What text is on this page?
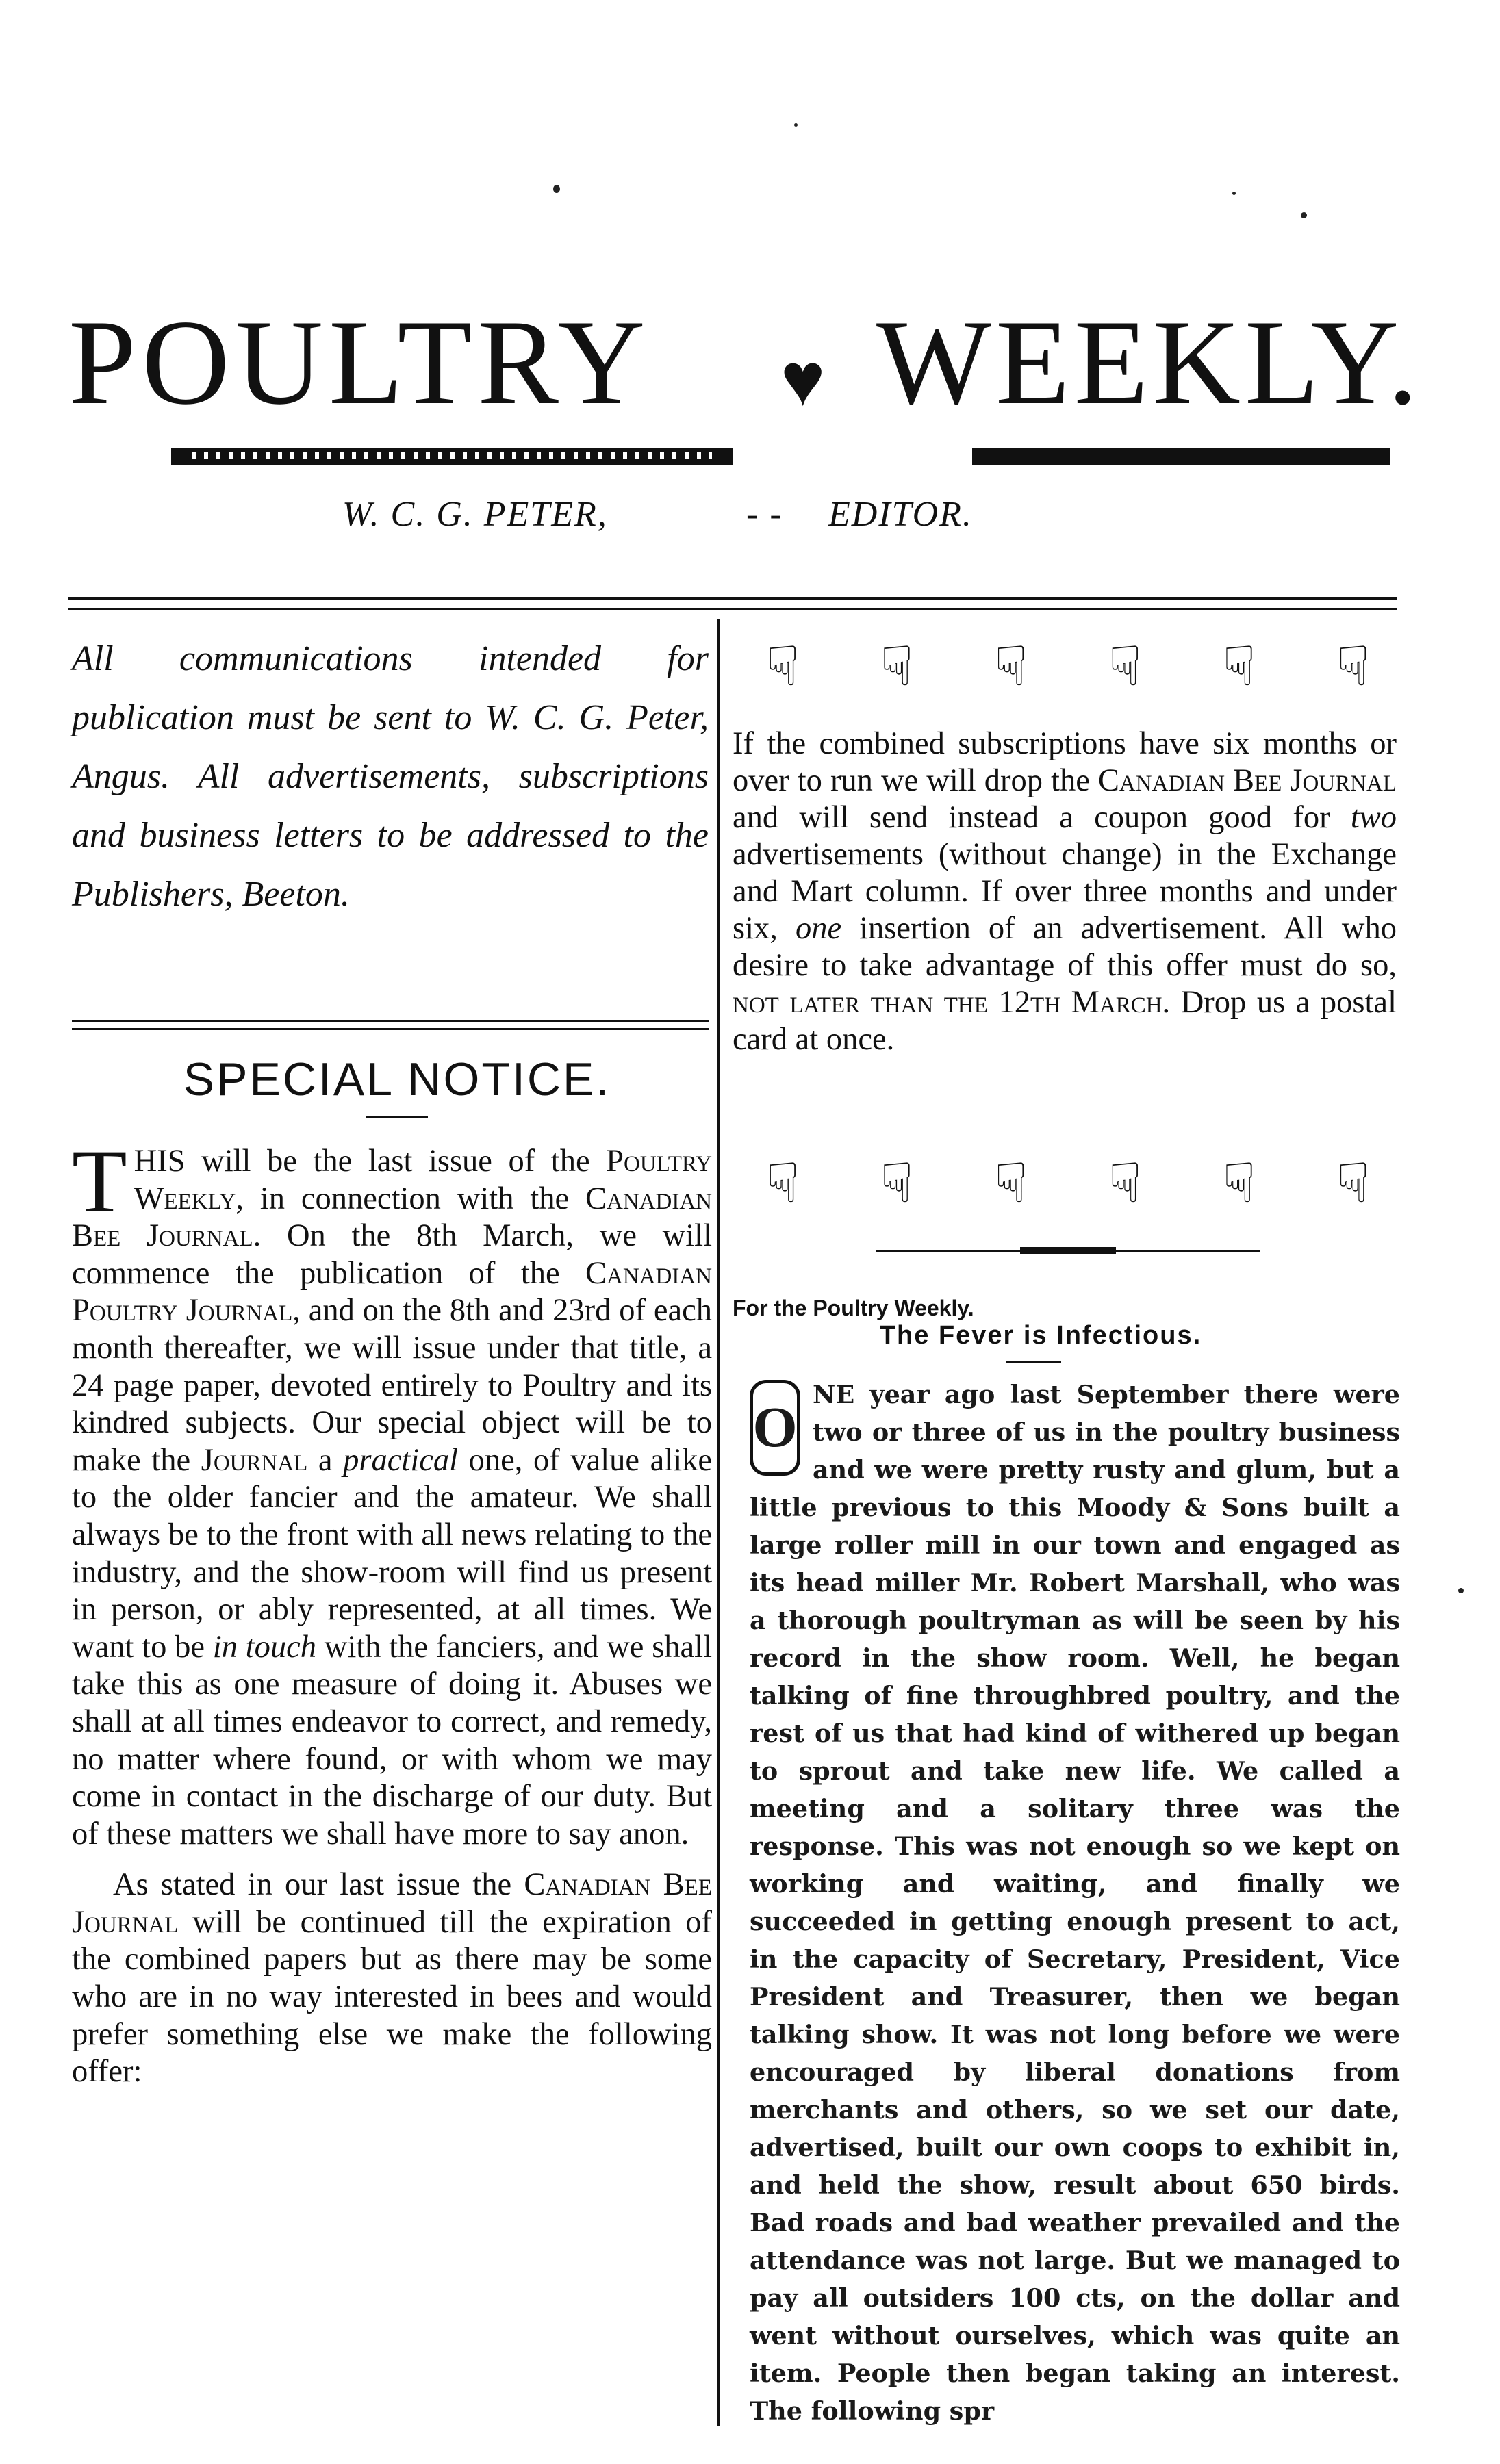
POULTRY ♥ WEEKLY.
W. C. G. PETER,	- - EDITOR.
All communications intended for publication must be sent to W. C. G. Peter, Angus. All advertisements, subscriptions and business letters to be addressed to the Publishers, Beeton.
SPECIAL NOTICE.

THIS will be the last issue of the Poultry Weekly, in connection with the Canadian Bee Journal. On the 8th March, we will commence the publication of the Canadian Poultry Journal, and on the 8th and 23rd of each month thereafter, we will issue under that title, a 24 page paper, devoted entirely to Poultry and its kindred subjects. Our special object will be to make the Journal a practical one, of value alike to the older fancier and the amateur. We shall always be to the front with all news relating to the industry, and the show-room will find us present in person, or ably represented, at all times. We want to be in touch with the fanciers, and we shall take this as one measure of doing it. Abuses we shall at all times endeavor to correct, and remedy, no matter where found, or with whom we may come in contact in the discharge of our duty. But of these matters we shall have more to say anon.

As stated in our last issue the Canadian Bee Journal will be continued till the expiration of the combined papers but as there may be some who are in no way interested in bees and would prefer something else we make the following offer:

☟ ☟ ☟ ☟ ☟ ☟
If the combined subscriptions have six months or over to run we will drop the Canadian Bee Journal and will send instead a coupon good for two advertisements (without change) in the Exchange and Mart column. If over three months and under six, one insertion of an advertisement. All who desire to take advantage of this offer must do so, not later than the 12th March. Drop us a postal card at once.
☟ ☟ ☟ ☟ ☟ ☟
For the Poultry Weekly.
The Fever is Infectious.
O
NE year ago last September there were two or three of us in the poultry business and we were pretty rusty and glum, but a little previous to this Moody & Sons built a large roller mill in our town and engaged as its head miller Mr. Robert Marshall, who was a thorough poultryman as will be seen by his record in the show room. Well, he began talking of fine throughbred poultry, and the rest of us that had kind of withered up began to sprout and take new life. We called a meeting and a solitary three was the response. This was not enough so we kept on working and waiting, and finally we succeeded in getting enough present to act, in the capacity of Secretary, President, Vice President and Treasurer, then we began talking show. It was not long before we were encouraged by liberal donations from merchants and others, so we set our date, advertised, built our own coops to exhibit in, and held the show, result about 650 birds. Bad roads and bad weather prevailed and the attendance was not large. But we managed to pay all outsiders 100 cts, on the dollar and went without ourselves, which was quite an item. People then began taking an interest. The following spr
